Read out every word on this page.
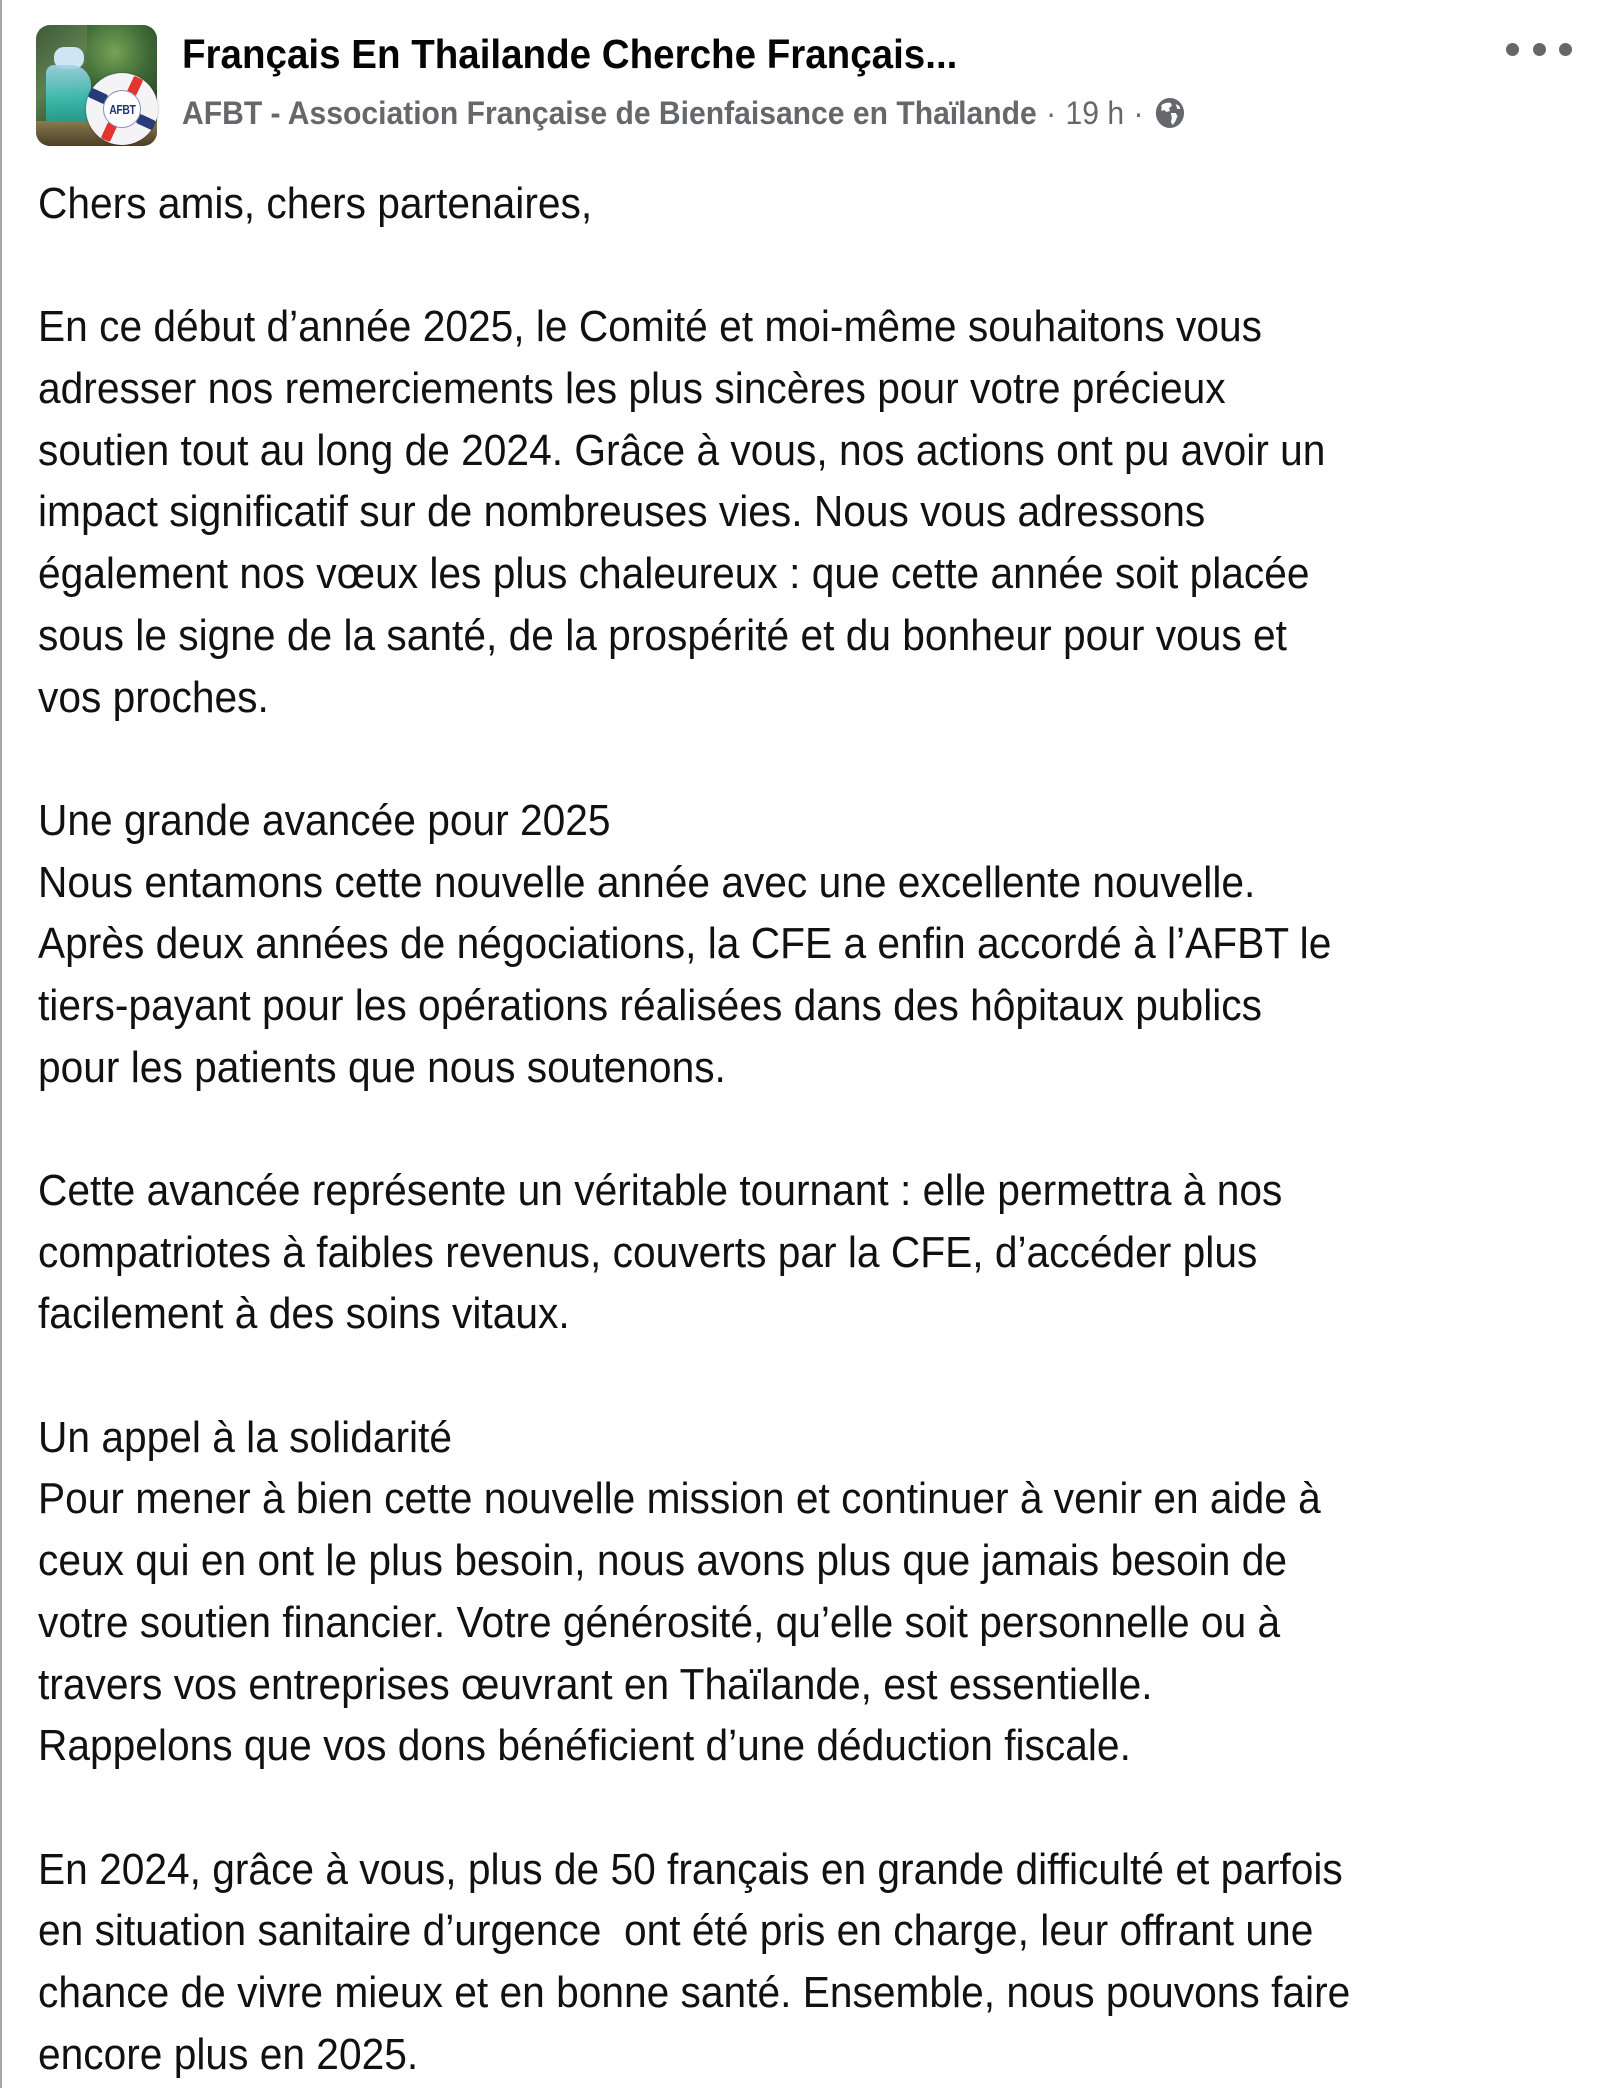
AFBT
Français En Thailande Cherche Français...
AFBT - Association Française de Bienfaisance en Thaïlande · 19 h ·
Chers amis, chers partenaires,
En ce début d’année 2025, le Comité et moi-même souhaitons vous
adresser nos remerciements les plus sincères pour votre précieux
soutien tout au long de 2024. Grâce à vous, nos actions ont pu avoir un
impact significatif sur de nombreuses vies. Nous vous adressons
également nos vœux les plus chaleureux : que cette année soit placée
sous le signe de la santé, de la prospérité et du bonheur pour vous et
vos proches.
Une grande avancée pour 2025
Nous entamons cette nouvelle année avec une excellente nouvelle.
Après deux années de négociations, la CFE a enfin accordé à l’AFBT le
tiers-payant pour les opérations réalisées dans des hôpitaux publics
pour les patients que nous soutenons.
Cette avancée représente un véritable tournant : elle permettra à nos
compatriotes à faibles revenus, couverts par la CFE, d’accéder plus
facilement à des soins vitaux.
Un appel à la solidarité
Pour mener à bien cette nouvelle mission et continuer à venir en aide à
ceux qui en ont le plus besoin, nous avons plus que jamais besoin de
votre soutien financier. Votre générosité, qu’elle soit personnelle ou à
travers vos entreprises œuvrant en Thaïlande, est essentielle.
Rappelons que vos dons bénéficient d’une déduction fiscale.
En 2024, grâce à vous, plus de 50 français en grande difficulté et parfois
en situation sanitaire d’urgence  ont été pris en charge, leur offrant une
chance de vivre mieux et en bonne santé. Ensemble, nous pouvons faire
encore plus en 2025.
